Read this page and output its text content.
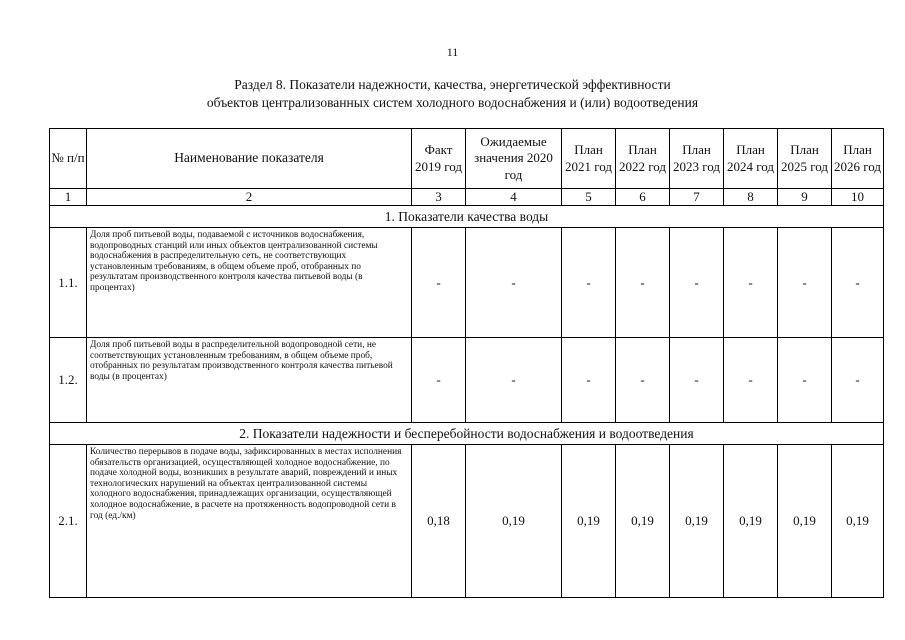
11
Раздел 8. Показатели надежности, качества, энергетической эффективности
объектов централизованных систем холодного водоснабжения и (или) водоотведения
№ п/п	Наименование показателя	Факт 2019 год	Ожидаемые значения 2020 год	План 2021 год	План 2022 год	План 2023 год	План 2024 год	План 2025 год	План 2026 год
1	2	3	4	5	6	7	8	9	10
1. Показатели качества воды									
1.1.	Доля проб питьевой воды, подаваемой с источников водоснабжения, водопроводных станций или иных объектов централизованной системы водоснабжения в распределительную сеть, не соответствующих установленным требованиям, в общем объеме проб, отобранных по результатам производственного контроля качества питьевой воды (в процентах)	-	-	-	-	-	-	-	-
1.2.	Доля проб питьевой воды в распределительной водопроводной сети, не соответствующих установленным требованиям, в общем объеме проб, отобранных по результатам производственного контроля качества питьевой воды (в процентах)	-	-	-	-	-	-	-	-
2. Показатели надежности и бесперебойности водоснабжения и водоотведения									
2.1.	Количество перерывов в подаче воды, зафиксированных в местах исполнения обязательств организацией, осуществляющей холодное водоснабжение, по подаче холодной воды, возникших в результате аварий, повреждений и иных технологических нарушений на объектах централизованной системы холодного водоснабжения, принадлежащих организации, осуществляющей холодное водоснабжение, в расчете на протяженность водопроводной сети в год (ед./км)	0,18	0,19	0,19	0,19	0,19	0,19	0,19	0,19
